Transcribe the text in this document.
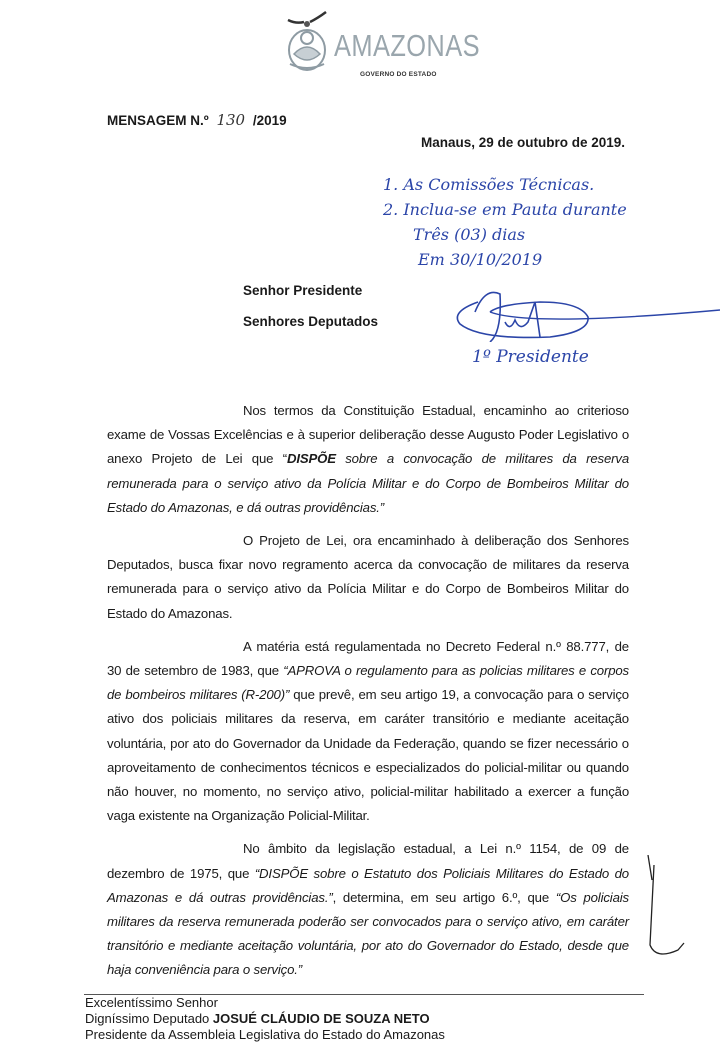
AMAZONAS
GOVERNO DO ESTADO
MENSAGEM N.º 130 /2019
Manaus, 29 de outubro de 2019.
1. As Comissões Técnicas.
2. Inclua-se em Pauta durante
Três (03) dias
Em 30/10/2019
1º Presidente
Senhor Presidente
Senhores Deputados
Nos termos da Constituição Estadual, encaminho ao criterioso exame de Vossas Excelências e à superior deliberação desse Augusto Poder Legislativo o anexo Projeto de Lei que “DISPÕE sobre a convocação de militares da reserva remunerada para o serviço ativo da Polícia Militar e do Corpo de Bombeiros Militar do Estado do Amazonas, e dá outras providências.”
O Projeto de Lei, ora encaminhado à deliberação dos Senhores Deputados, busca fixar novo regramento acerca da convocação de militares da reserva remunerada para o serviço ativo da Polícia Militar e do Corpo de Bombeiros Militar do Estado do Amazonas.
A matéria está regulamentada no Decreto Federal n.º 88.777, de 30 de setembro de 1983, que “APROVA o regulamento para as policias militares e corpos de bombeiros militares (R-200)” que prevê, em seu artigo 19, a convocação para o serviço ativo dos policiais militares da reserva, em caráter transitório e mediante aceitação voluntária, por ato do Governador da Unidade da Federação, quando se fizer necessário o aproveitamento de conhecimentos técnicos e especializados do policial-militar ou quando não houver, no momento, no serviço ativo, policial-militar habilitado a exercer a função vaga existente na Organização Policial-Militar.
No âmbito da legislação estadual, a Lei n.º 1154, de 09 de dezembro de 1975, que “DISPÕE sobre o Estatuto dos Policiais Militares do Estado do Amazonas e dá outras providências.”, determina, em seu artigo 6.º, que “Os policiais militares da reserva remunerada poderão ser convocados para o serviço ativo, em caráter transitório e mediante aceitação voluntária, por ato do Governador do Estado, desde que haja conveniência para o serviço.”
Excelentíssimo Senhor
Digníssimo Deputado JOSUÉ CLÁUDIO DE SOUZA NETO
Presidente da Assembleia Legislativa do Estado do Amazonas
